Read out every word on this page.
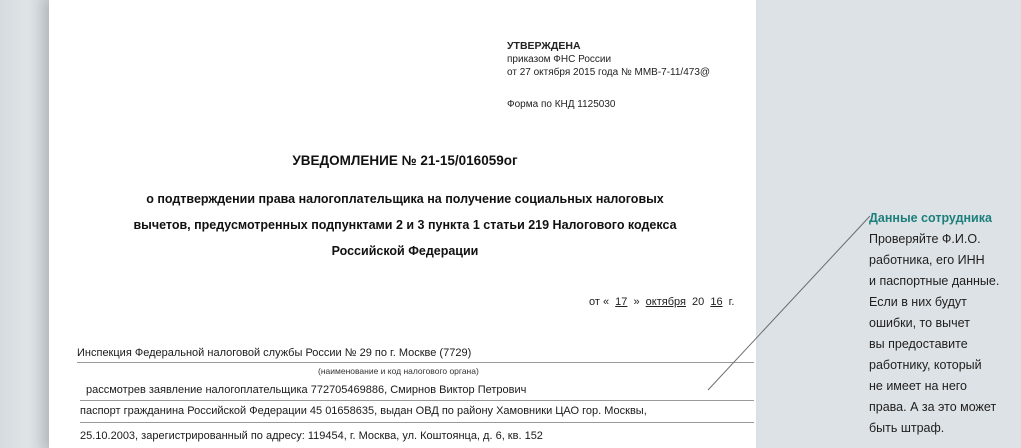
УТВЕРЖДЕНА
приказом ФНС России
от 27 октября 2015 года № ММВ-7-11/473@
Форма по КНД 1125030
УВЕДОМЛЕНИЕ № 21-15/016059ог
о подтверждении права налогоплательщика на получение социальных налоговых
вычетов, предусмотренных подпунктами 2 и 3 пункта 1 статьи 219 Налогового кодекса
Российской Федерации
от « 17 » октября 20 16 г.
Инспекция Федеральной налоговой службы России № 29 по г. Москве (7729)
(наименование и код налогового органа)
рассмотрев заявление налогоплательщика 772705469886, Смирнов Виктор Петрович
паспорт гражданина Российской Федерации 45 01658635, выдан ОВД по району Хамовники ЦАО гор. Москвы,
25.10.2003, зарегистрированный по адресу: 119454, г. Москва, ул. Коштоянца, д. 6, кв. 152
Данные сотрудника
Проверяйте Ф.И.О.
работника, его ИНН
и паспортные данные.
Если в них будут
ошибки, то вычет
вы предоставите
работнику, который
не имеет на него
права. А за это может
быть штраф.
